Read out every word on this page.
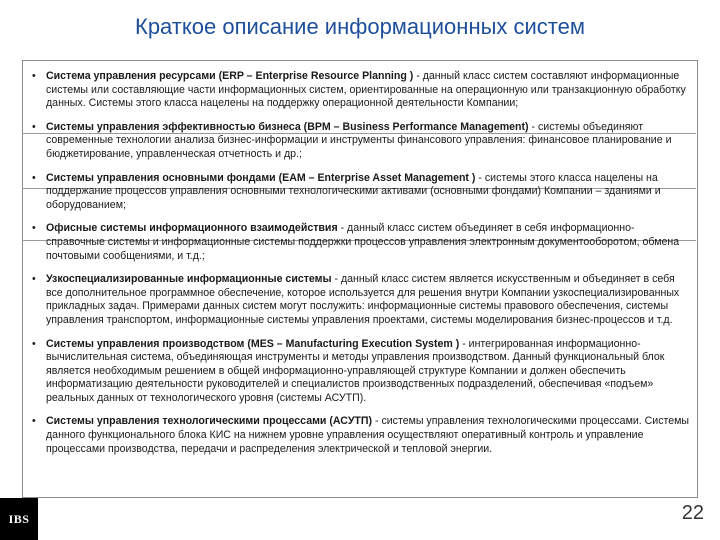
Краткое описание информационных систем
• Система управления ресурсами (ERP – Enterprise Resource Planning ) - данный класс систем составляют информационные системы или составляющие части информационных систем, ориентированные на операционную или транзакционную обработку данных. Системы этого класса нацелены на поддержку операционной деятельности Компании;
• Системы управления эффективностью бизнеса (BPM – Business Performance Management) - системы объединяют современные технологии анализа бизнес-информации и инструменты финансового управления: финансовое планирование и бюджетирование, управленческая отчетность и др.;
• Системы управления основными фондами (EAM – Enterprise Asset Management ) - системы этого класса нацелены на поддержание процессов управления основными технологическими активами (основными фондами) Компании – зданиями и оборудованием;
• Офисные системы информационного взаимодействия - данный класс систем объединяет в себя информационно-справочные системы и информационные системы поддержки процессов управления электронным документооборотом, обмена почтовыми сообщениями, и т.д.;
• Узкоспециализированные информационные системы - данный класс систем является искусственным и объединяет в себя все дополнительное программное обеспечение, которое используется для решения внутри Компании узкоспециализированных прикладных задач. Примерами данных систем могут послужить: информационные системы правового обеспечения, системы управления транспортом, информационные системы управления проектами, системы моделирования бизнес-процессов и т.д.
• Системы управления производством (MES – Manufacturing Execution System ) - интегрированная информационно-вычислительная система, объединяющая инструменты и методы управления производством. Данный функциональный блок является необходимым решением в общей информационно-управляющей структуре Компании и должен обеспечить информатизацию деятельности руководителей и специалистов производственных подразделений, обеспечивая «подъем» реальных данных от технологического уровня (системы АСУТП).
• Системы управления технологическими процессами (АСУТП) - системы управления технологическими процессами. Системы данного функционального блока КИС на нижнем уровне управления осуществляют оперативный контроль и управление процессами производства, передачи и распределения электрической и тепловой энергии.
IBS	22
